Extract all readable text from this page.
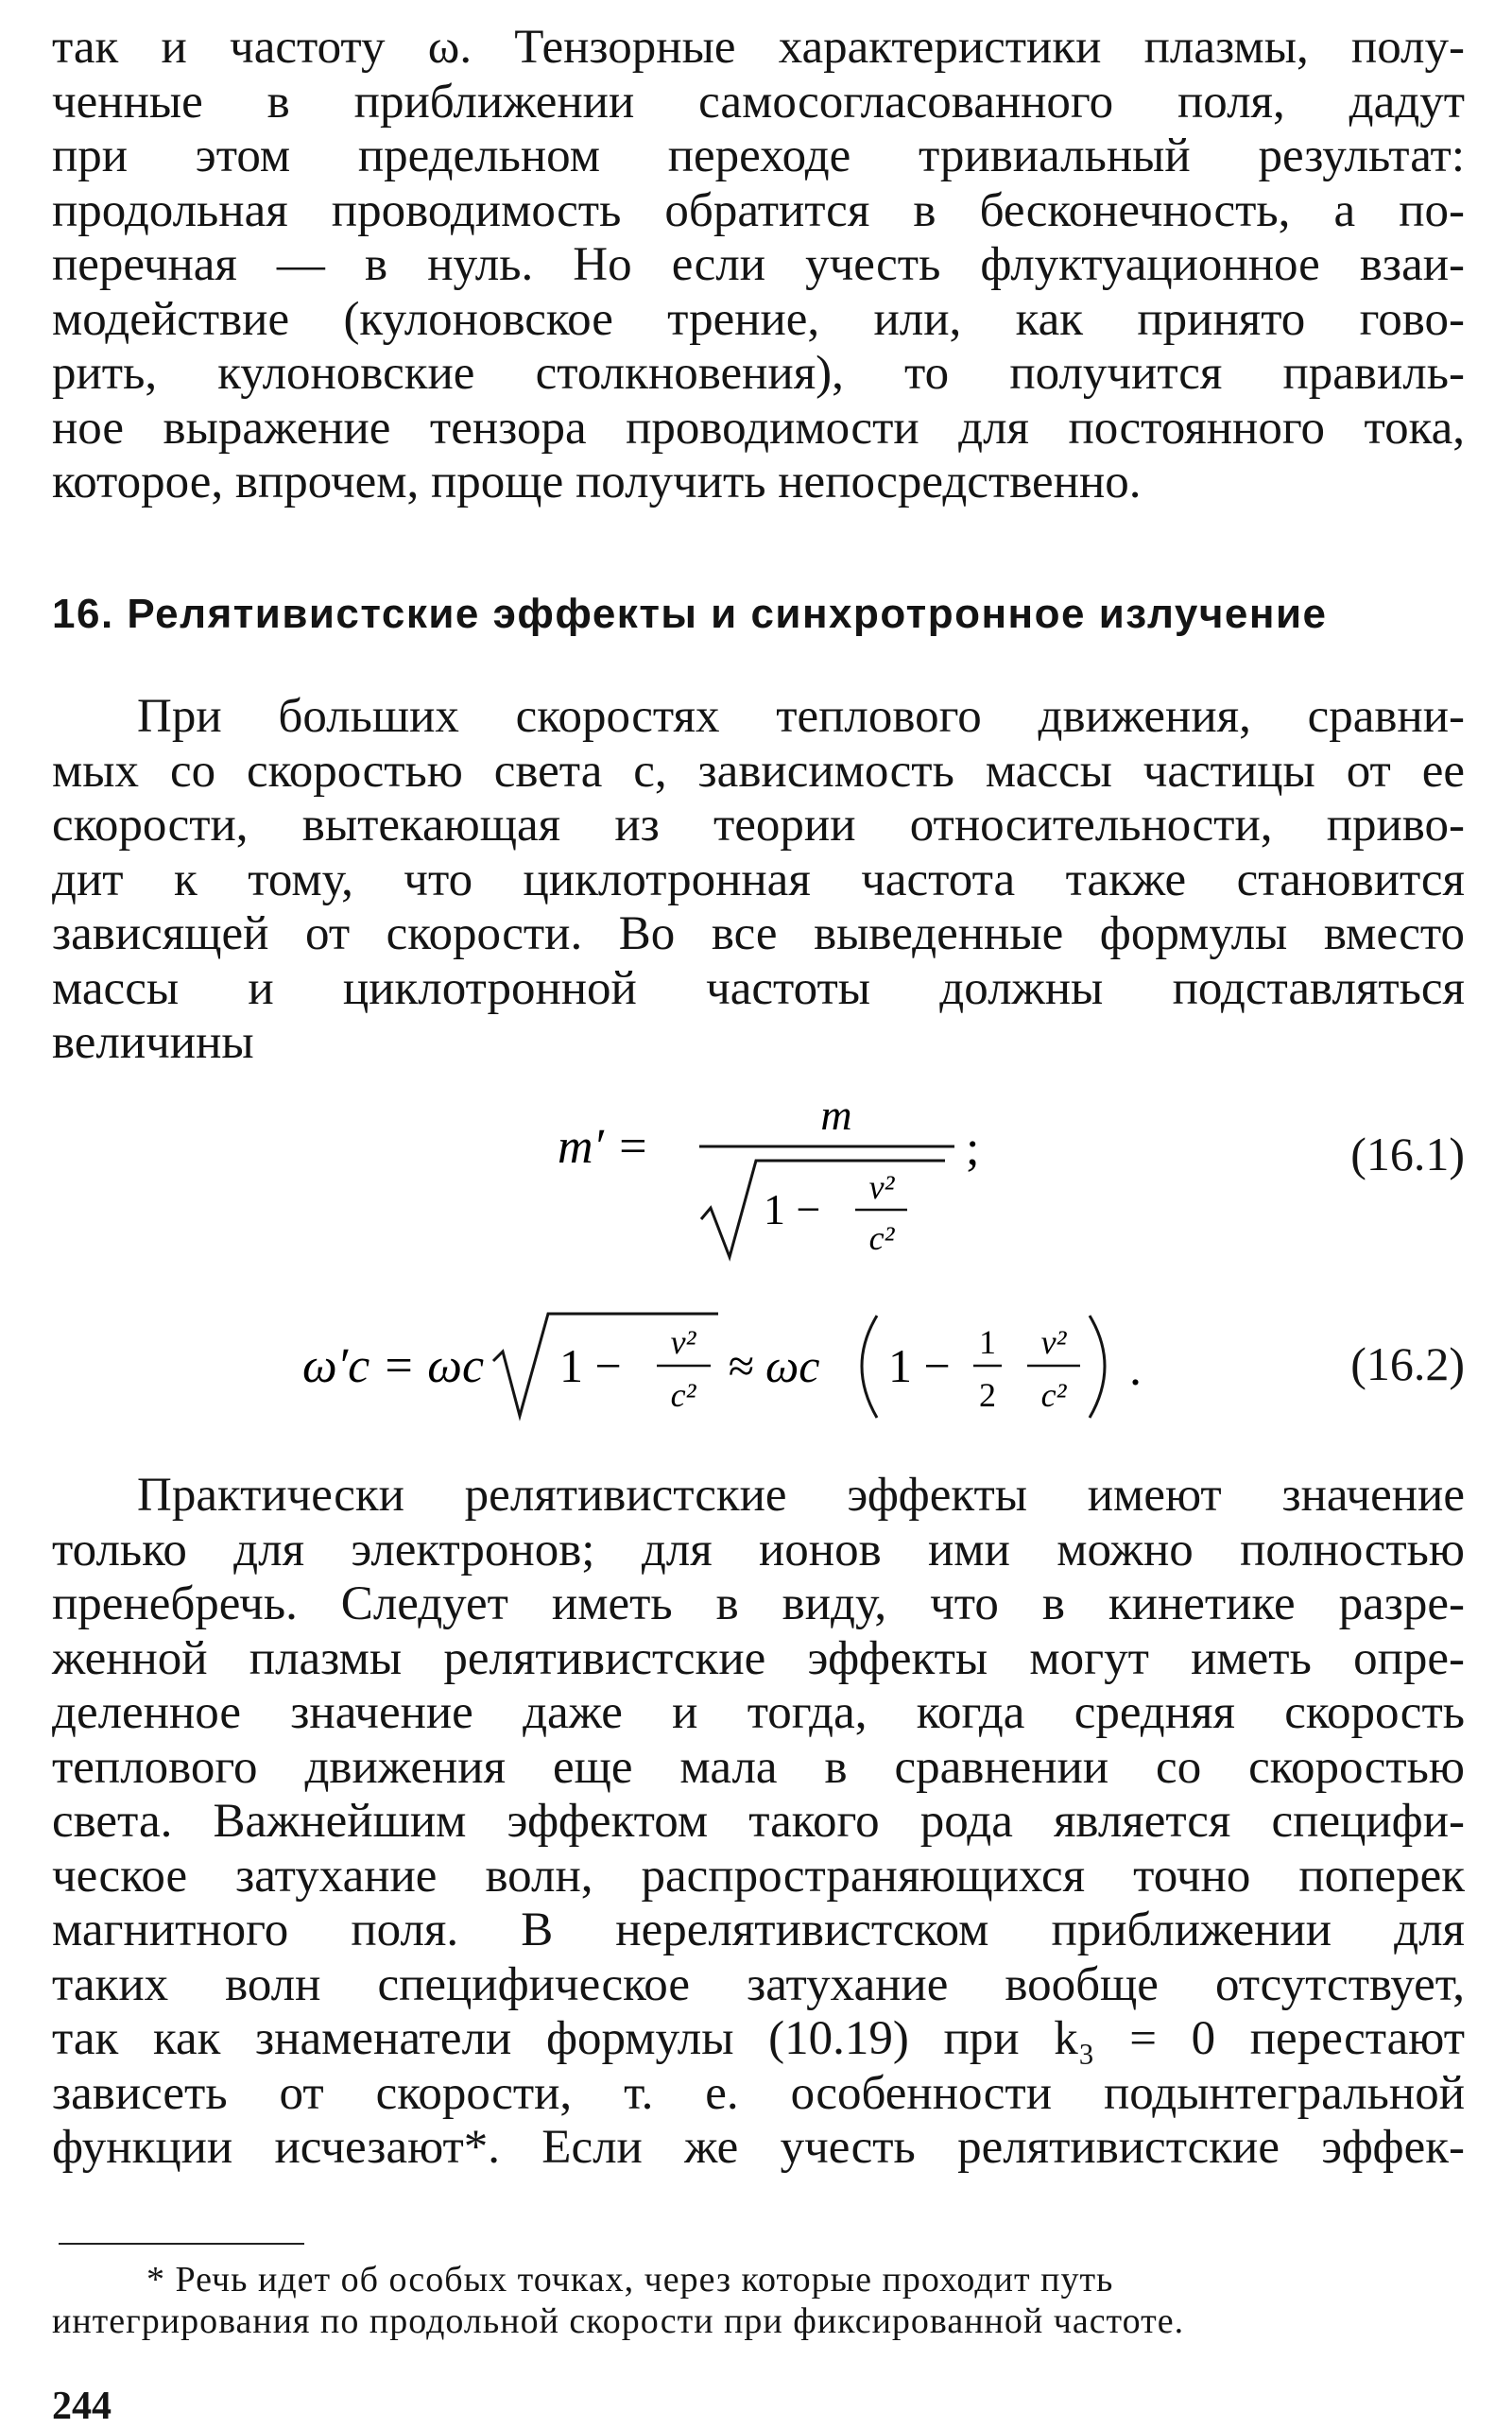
так и частоту ω. Тензорные характеристики плазмы, полу-
ченные в приближении самосогласованного поля, дадут
при этом предельном переходе тривиальный результат:
продольная проводимость обратится в бесконечность, а по-
перечная — в нуль. Но если учесть флуктуационное взаи-
модействие (кулоновское трение, или, как принято гово-
рить, кулоновские столкновения), то получится правиль-
ное выражение тензора проводимости для постоянного тока,
которое, впрочем, проще получить непосредственно.
16. Релятивистские эффекты и синхротронное излучение
При больших скоростях теплового движения, сравни-
мых со скоростью света c, зависимость массы частицы от ее
скорости, вытекающая из теории относительности, приво-
дит к тому, что циклотронная частота также становится
зависящей от скорости. Во все выведенные формулы вместо
массы и циклотронной частоты должны подставляться
величины
m′ =
m
1 − v²
c²
;	(16.1)
ω′c = ωc 1 − v²
c²
≈ ωc 1 − 1
2
v²
c² .	(16.2)
Практически релятивистские эффекты имеют значение
только для электронов; для ионов ими можно полностью
пренебречь. Следует иметь в виду, что в кинетике разре-
женной плазмы релятивистские эффекты могут иметь опре-
деленное значение даже и тогда, когда средняя скорость
теплового движения еще мала в сравнении со скоростью
света. Важнейшим эффектом такого рода является специфи-
ческое затухание волн, распространяющихся точно поперек
магнитного поля. В нерелятивистском приближении для
таких волн специфическое затухание вообще отсутствует,
так как знаменатели формулы (10.19) при k₃ = 0 перестают
зависеть от скорости, т. е. особенности подынтегральной
функции исчезают*. Если же учесть релятивистские эффек-
* Речь идет об особых точках, через которые проходит путь
интегрирования по продольной скорости при фиксированной частоте.
244
